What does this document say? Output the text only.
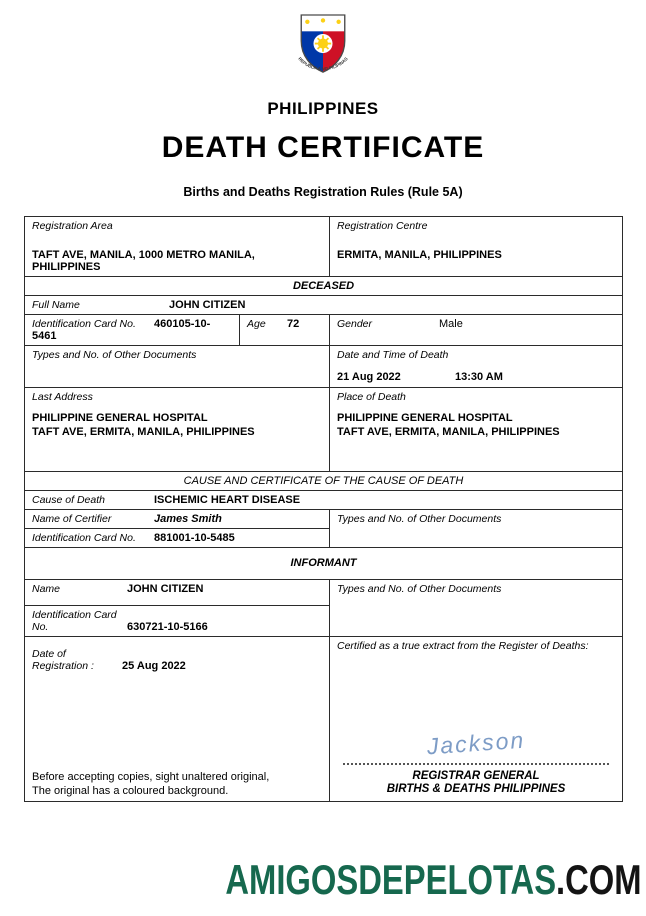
REPUBLIKA NG PILIPINAS
PHILIPPINES
DEATH CERTIFICATE
Births and Deaths Registration Rules (Rule 5A)
Registration Area
TAFT AVE, MANILA, 1000 METRO MANILA, PHILIPPINES

Registration Centre
ERMITA, MANILA, PHILIPPINES

DECEASED		
Full Name JOHN CITIZEN		
Identification Card No. 460105-10-5461	Age 72	Gender Male

Types and No. of Other Documents		Date and Time of Death
21 Aug 2022 13:30 AM

Last Address
PHILIPPINE GENERAL HOSPITAL
TAFT AVE, ERMITA, MANILA, PHILIPPINES

Place of Death
PHILIPPINE GENERAL HOSPITAL
TAFT AVE, ERMITA, MANILA, PHILIPPINES

CAUSE AND CERTIFICATE OF THE CAUSE OF DEATH		
Cause of Death ISCHEMIC HEART DISEASE		
Name of Certifier James Smith		Types and No. of Other Documents

Identification Card No. 881001-10-5485		
INFORMANT		
Name JOHN CITIZEN		Types and No. of Other Documents

Identification Card No. 630721-10-5166		

Date of Registration :	25 Aug 2022
Before accepting copies, sight unaltered original,
The original has a coloured background.

Certified as a true extract from the Register of Deaths:
Jackson
REGISTRAR GENERAL
BIRTHS & DEATHS PHILIPPINES
AMIGOSDEPELOTAS.COM
